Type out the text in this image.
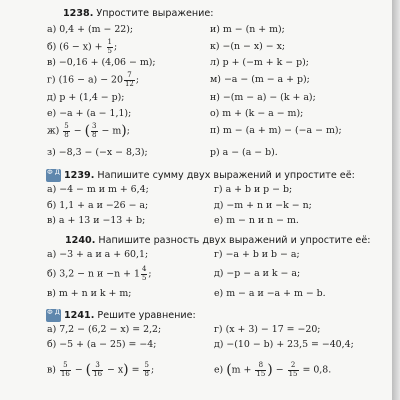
1238. Упростите выражение:
а) 0,4 + (m − 22);	и) m − (n + m);
б) $(6 - x) + \frac{1}{5}$ ;	к) −(n − x) − x;
в) −0,16 + (4,06 − m);	л) p + (−m + k − p);
г) $(16 - a) - 20 \frac{7}{12}$ ;	м) −a − (m − a + p);
д) p + (1,4 − p);	н) −(m − a) − (k + a);
е) −a + (a − 1,1);	о) m + (k − a − m);
$ж) \frac{5}{8}$ − ( $\frac{3}{8} - m$);	п) m − (a + m) − (−a − m);
з) −8,3 − (−x − 8,3);	р) a − (a − b).
Ф Д 1239. Напишите сумму двух выражений и упростите её:
а) −4 − m и m + 6,4;	г) a + b и p − b;
б) 1,1 + a и −26 − a;	д) −m + n и −k − n;
в) a + 13 и −13 + b;	е) m − n и n − m.
1240. Напишите разность двух выражений и упростите её:
а) −3 + a и a + 60,1;	г) −a + b и b − a;
б) 3,2 − n $и -n + 1 \frac{4}{5}$ ;	д) −p − a и k − a;
в) m + n и k + m;	е) m − a и −a + m − b.
Ф Д 1241. Решите уравнение:
а) 7,2 − (6,2 − x) = 2,2;	г) (x + 3) − 17 = −20;
б) −5 + (a − 25) = −4;	д) −(10 − b) + 23,5 = −40,4;
$в) \frac{5}{16}$ − ( $\frac{3}{16} - x) = \frac{5}{8}$ ;	е) ($m + \frac{8}{15}$ ) − $\frac{2}{15} = 0,8$.
